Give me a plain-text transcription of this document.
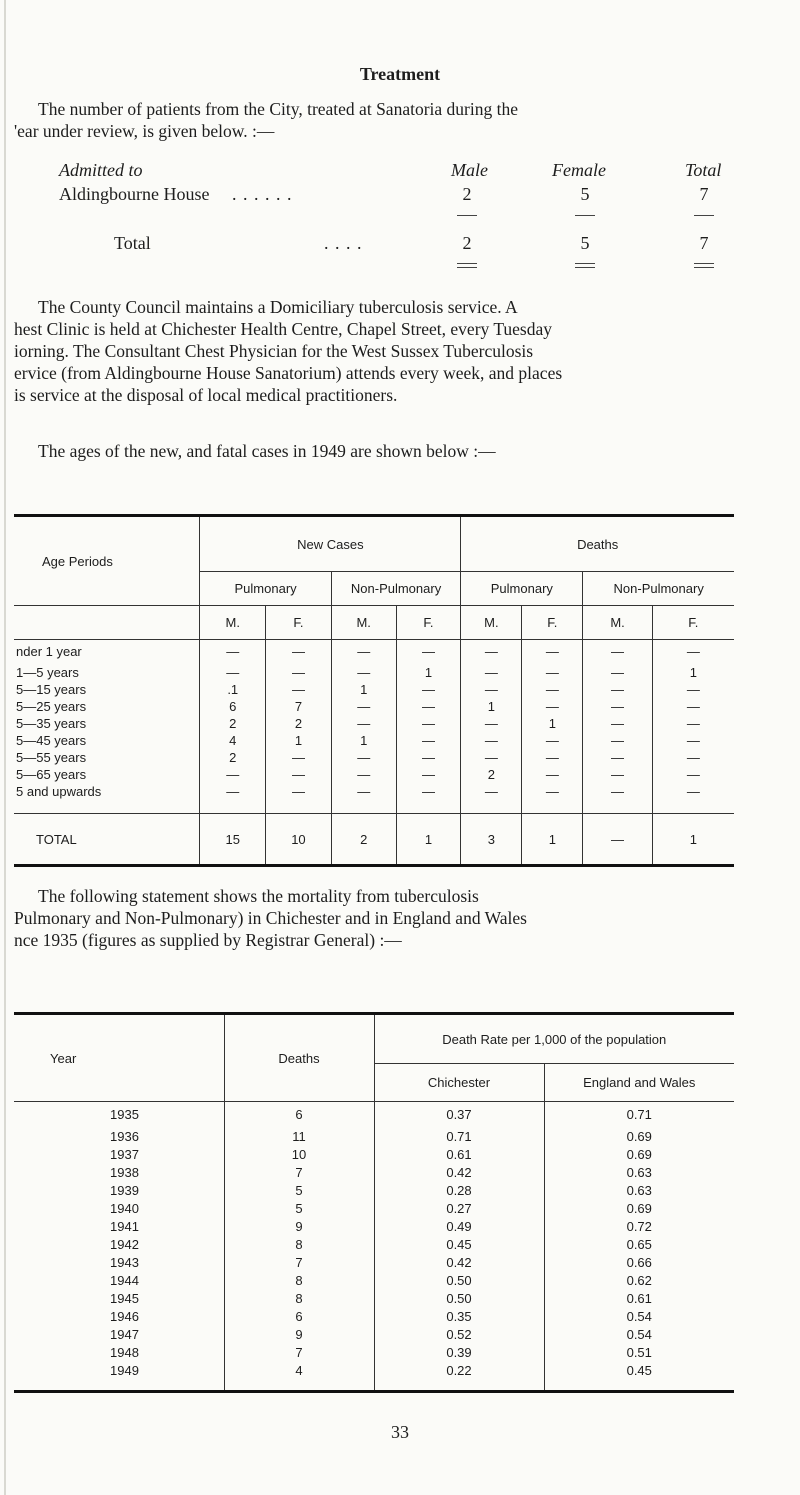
Treatment

The number of patients from the City, treated at Sanatoria during the

'ear under review, is given below. :—

Admitted to	Male	Female	Total
Aldingbourne House . . . . . .	2	5	7
Total	. . . .	2	5	7

The County Council maintains a Domiciliary tuberculosis service. A

hest Clinic is held at Chichester Health Centre, Chapel Street, every Tuesday

iorning. The Consultant Chest Physician for the West Sussex Tuberculosis

ervice (from Aldingbourne House Sanatorium) attends every week, and places

is service at the disposal of local medical practitioners.

The ages of the new, and fatal cases in 1949 are shown below :—

Age Periods	New Cases				Deaths			
	Pulmonary		Non-Pulmonary		Pulmonary		Non-Pulmonary	
	M.	F.	M.	F.	M.	F.	M.	F.
nder 1 year	—	—	—	—	—	—	—	—
1—5 years	—	—	—	1	—	—	—	1
5—15 years	.1	—	1	—	—	—	—	—
5—25 years	6	7	—	—	1	—	—	—
5—35 years	2	2	—	—	—	1	—	—
5—45 years	4	1	1	—	—	—	—	—
5—55 years	2	—	—	—	—	—	—	—
5—65 years	—	—	—	—	2	—	—	—
5 and upwards	—	—	—	—	—	—	—	—

TOTAL	15	10	2	1	3	1	—	1

The following statement shows the mortality from tuberculosis

Pulmonary and Non-Pulmonary) in Chichester and in England and Wales

nce 1935 (figures as supplied by Registrar General) :—

Year	Deaths	Death Rate per 1,000 of the population	
		Chichester	England and Wales
1935	6	0.37	0.71
1936	11	0.71	0.69
1937	10	0.61	0.69
1938	7	0.42	0.63
1939	5	0.28	0.63
1940	5	0.27	0.69
1941	9	0.49	0.72
1942	8	0.45	0.65
1943	7	0.42	0.66
1944	8	0.50	0.62
1945	8	0.50	0.61
1946	6	0.35	0.54
1947	9	0.52	0.54
1948	7	0.39	0.51
1949	4	0.22	0.45

33
